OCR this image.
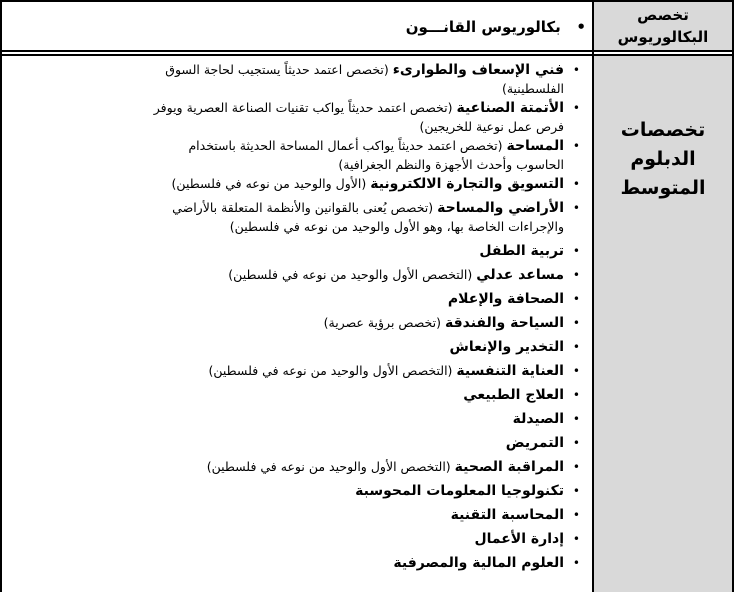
تخصص البكالوريوس
•   بكالوريوس القانـــون
تخصصات الدبلوم المتوسط
•
فني الإسعاف والطوارىء (تخصص اعتمد حديثاً يستجيب لحاجة السوق الفلسطينية)
•
الأتمتة الصناعية (تخصص اعتمد حديثاً يواكب تقنيات الصناعة العصرية ويوفر فرص عمل نوعية للخريجين)
•
المساحة (تخصص اعتمد حديثاً يواكب أعمال المساحة الحديثة باستخدام الحاسوب وأحدث الأجهزة والنظم الجغرافية)
•
التسويق والتجارة الالكترونية (الأول والوحيد من نوعه في فلسطين)
•
الأراضي والمساحة (تخصص يُعنى بالقوانين والأنظمة المتعلقة بالأراضي والإجراءات الخاصة بها، وهو الأول والوحيد من نوعه في فلسطين)
•
تربية الطفل
•
مساعد عدلي (التخصص الأول والوحيد من نوعه في فلسطين)
•
الصحافة والإعلام
•
السياحة والفندقة (تخصص برؤية عصرية)
•
التخدير والإنعاش
•
العناية التنفسية (التخصص الأول والوحيد من نوعه في فلسطين)
•
العلاج الطبيعي
•
الصيدلة
•
التمريض
•
المراقبة الصحية (التخصص الأول والوحيد من نوعه في فلسطين)
•
تكنولوجيا المعلومات المحوسبة
•
المحاسبة التقنية
•
إدارة الأعمال
•
العلوم المالية والمصرفية
